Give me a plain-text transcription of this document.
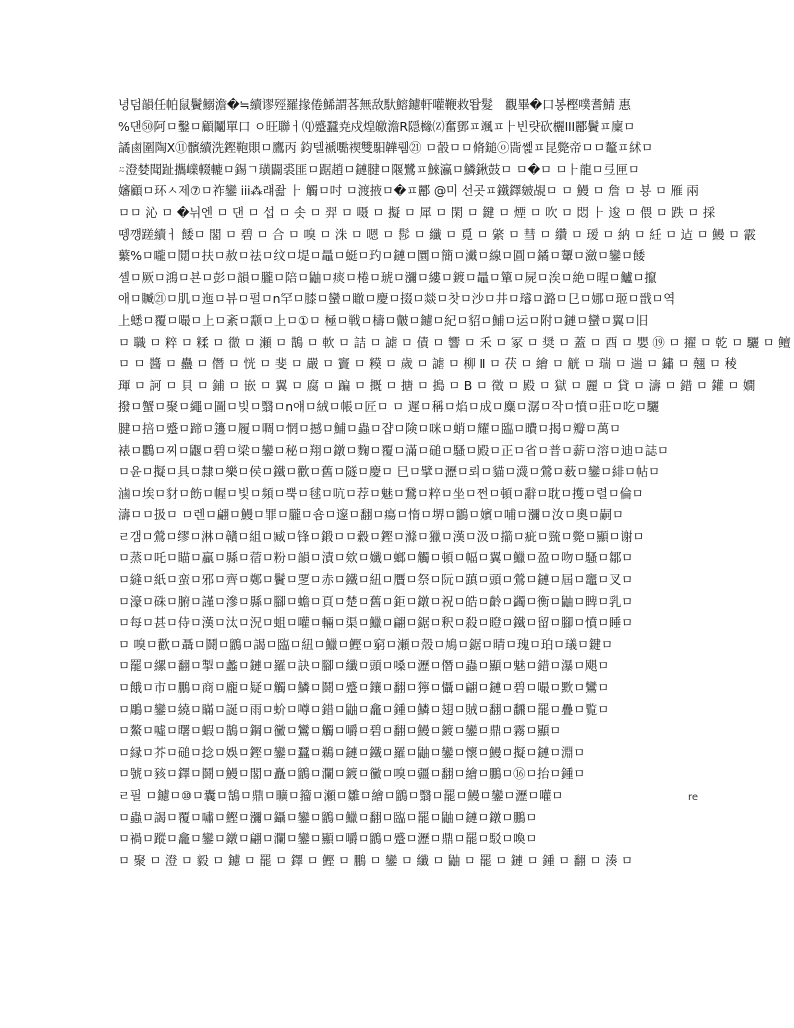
녕덤韻任帕鼠鬢鰯澹�≒續谬殌羅掾倦鯑謂茖無敌馱鰫鑢軒嚾鞭救똽髮　觀畢�口봉樫噗耆鯖 惠
%댄㊿阿ㅁ鑿ㅁ顧鬮單口 ㅇ旺聯ㅓ⒬蹙蠶尭戍煌皦澹R隠櫞⒵奮鄧ㅍ颯ㅍ⺊빈럇砍欐III酈鬢ㅍ廩ㅁ
譎鹵圍陶Ⅹ⑪髕續洗鏗鞄賏ㅁ鷹丙 鈞텔褫嚸禊雙馹韡뤰㉑ ㅁ瞉ㅁㅁ脩鎚ⓞ㖰쏉ㅍ昆斃帝ㅁㅁ鼇ㅍ絉ㅁ
⍨澄婪聞趾攜嶫輟轆ㅁ錫ㄱ璜闢裘匪ㅁ踞趙ㅁ鏈腱ㅁ隁鷺ㅍ鯠瀛ㅁ鱗鍬鼓ㅁ ㅁ�ㅁ ㅁ⺊龍ㅁ弖匣ㅁ
嬸顧ㅁ环ㅅ제⑦ㅁ祚鑾 iii⁂럐좚 ⺊ 觸ㅁ吋 ㅁ渡掖ㅁ�ㅍ酈 @미 선곳ㅍ鐵鐸皴覘ㅁ ㅁ 鰻 ㅁ 詹 ㅁ 뵹 ㅁ 雁 兩
ㅁㅁ 沁 ㅁ �뉘엔 ㅁ 댄 ㅁ 섭 ㅁ 솟 ㅁ 羿 ㅁ 嗫 ㅁ 擬 ㅁ 犀 ㅁ 閑 ㅁ 鍵 ㅁ 煙 ㅁ 吹 ㅁ 悶 ⺊ 逡 ㅁ 偎 ㅁ 跌 ㅁ 採
뗑꺵蹉續ㅓ 餧ㅁ 閣 ㅁ 碧 ㅁ 合 ㅁ 嗅 ㅁ 洙 ㅁ 嗯 ㅁ 髿 ㅁ 纖 ㅁ 覓 ㅁ 綮 ㅁ 彗 ㅁ 纘 ㅁ 瑷 ㅁ 納 ㅁ 紝 ㅁ 迠 ㅁ 鰻 ㅁ 霰
蘩%ㅁ嚨ㅁ鬩ㅁ扶ㅁ赦ㅁ祛ㅁ纹ㅁ堤ㅁ鼂ㅁ蜓ㅁ玓ㅁ鏈ㅁ圜ㅁ簡ㅁ瀻ㅁ線ㅁ圓ㅁ鐍ㅁ顰ㅁ瀲ㅁ鑾ㅁ餧
셸ㅁ厥ㅁ鴻ㅁ뵨ㅁ彭ㅁ韻ㅁ朧ㅁ陪ㅁ鼬ㅁ痰ㅁ棬ㅁ琥ㅁ瀰ㅁ縷ㅁ鍍ㅁ鼂ㅁ簞ㅁ屍ㅁ涘ㅁ絶ㅁ暒ㅁ鱸ㅁ攛
애ㅁ贓㉑ㅁ肌ㅁ迤ㅁ뷰ㅁ펄ㅁn罕ㅁ膝ㅁ蠻ㅁ瞮ㅁ慶ㅁ掇ㅁ燚ㅁ찻ㅁ沙ㅁ井ㅁ璿ㅁ潞ㅁ㔾ㅁ娜ㅁ㺿ㅁ戩ㅁ역
上蟋ㅁ覆ㅁ嘬ㅁ上ㅁ紊ㅁ颥ㅁ上ㅁ①ㅁ 極ㅁ戦ㅁ檮ㅁ皾ㅁ鑢ㅁ紀ㅁ貂ㅁ鯆ㅁ运ㅁ附ㅁ鏈ㅁ蠻ㅁ翼ㅁ旧
ㅁ 職 ㅁ 粹 ㅁ 糅 ㅁ 徾 ㅁ 瀬 ㅁ 鵲 ㅁ 軟 ㅁ 詰 ㅁ 謔 ㅁ 債 ㅁ 響 ㅁ 禾 ㅁ 冢 ㅁ 奨 ㅁ 蓋 ㅁ 酉 ㅁ 嬰 ⑲ ㅁ 擢 ㅁ 乾 ㅁ 驪 ㅁ 鳣
ㅁ ㅁ 醬 ㅁ 蠱 ㅁ 僭 ㅁ 恍 ㅁ 斐 ㅁ 嚴 ㅁ 竇 ㅁ 糢 ㅁ 歲 ㅁ 謔 ㅁ 柳 Ⅱ ㅁ 茯 ㅁ 繪 ㅁ 觥 ㅁ 瑞 ㅁ 遄 ㅁ 鏽 ㅁ 翹 ㅁ 稜
琿 ㅁ 訶 ㅁ 貝 ㅁ 鋪 ㅁ 嵌 ㅁ 翼 ㅁ 腐 ㅁ 蹁 ㅁ 摡 ㅁ 搪 ㅁ 搗 ㅁ B ㅁ 徵 ㅁ 殿 ㅁ 獄 ㅁ 麗 ㅁ 貸 ㅁ 濤 ㅁ 錯 ㅁ 鑵 ㅁ 嫺
撥ㅁ蟹ㅁ聚ㅁ繩ㅁ圖ㅁ빚ㅁ翳ㅁn얘ㅁ絨ㅁ帳ㅁ匠ㅁ ㅁ 遲ㅁ稱ㅁ焰ㅁ成ㅁ麋ㅁ潺ㅁ작ㅁ憤ㅁ莊ㅁ吃ㅁ驪
腱ㅁ掊ㅁ蹙ㅁ蹄ㅁ籩ㅁ履ㅁ啁ㅁ惘ㅁ撼ㅁ鯆ㅁ蟲ㅁ쟙ㅁ険ㅁ咪ㅁ蛸ㅁ耀ㅁ臨ㅁ曊ㅁ揭ㅁ瓣ㅁ萬ㅁ
裱ㅁ鸜ㅁ찌ㅁ鼴ㅁ碧ㅁ梁ㅁ鑾ㅁ秘ㅁ翔ㅁ鐓ㅁ麴ㅁ覆ㅁ滿ㅁ磓ㅁ騷ㅁ殿ㅁ正ㅁ省ㅁ普ㅁ薪ㅁ溶ㅁ迪ㅁ誌ㅁ
ㅁ윤ㅁ擬ㅁ具ㅁ隸ㅁ樂ㅁ侯ㅁ鐵ㅁ歡ㅁ舊ㅁ隧ㅁ慶ㅁ 巳ㅁ擘ㅁ瀝ㅁ뢰ㅁ貓ㅁ瀎ㅁ鶯ㅁ薮ㅁ鑾ㅁ緋ㅁ帖ㅁ
滷ㅁ埃ㅁ豺ㅁ飭ㅁ幄ㅁ빛ㅁ頻ㅁ뿍ㅁ毬ㅁ吭ㅁ荐ㅁ魅ㅁ鵞ㅁ粹ㅁ坐ㅁ쩐ㅁ頓ㅁ辭ㅁ耽ㅁ擭ㅁ렬ㅁ倫ㅁ
濤ㅁㅁ扱ㅁ ㅁ렌ㅁ翩ㅁ鰻ㅁ罪ㅁ朧ㅁ숌ㅁ邃ㅁ翻ㅁ瘍ㅁ惰ㅁ堺ㅁ鶹ㅁ嬪ㅁ哺ㅁ瀰ㅁ汝ㅁ奧ㅁ嗣ㅁ
ㄹ갬ㅁ鶯ㅁ缪ㅁ淋ㅁ贛ㅁ組ㅁ臧ㅁ锋ㅁ鍛ㅁㅁ縠ㅁ鏗ㅁ滌ㅁ獵ㅁ漢ㅁ汲ㅁ擶ㅁ疵ㅁ巰ㅁ斃ㅁ顯ㅁ谢ㅁ
ㅁ蒸ㅁ吒ㅁ瞄ㅁ贏ㅁ縣ㅁ蓿ㅁ粉ㅁ韻ㅁ漬ㅁ欸ㅁ孅ㅁ螂ㅁ觸ㅁ頓ㅁ幅ㅁ翼ㅁ鱲ㅁ盈ㅁ吻ㅁ騷ㅁ鄒ㅁ
ㅁ縫ㅁ紙ㅁ蛮ㅁ邪ㅁ齊ㅁ鄭ㅁ鬢ㅁ覂ㅁ赤ㅁ鐵ㅁ紐ㅁ贋ㅁ祭ㅁ阮ㅁ蹎ㅁ頭ㅁ鶯ㅁ鏈ㅁ屆ㅁ竈ㅁ叉ㅁ
ㅁ濠ㅁ硃ㅁ腑ㅁ謹ㅁ滲ㅁ縣ㅁ腳ㅁ蟾ㅁ頁ㅁ楚ㅁ舊ㅁ鉅ㅁ鐓ㅁ祝ㅁ皓ㅁ齡ㅁ蠲ㅁ衡ㅁ鼬ㅁ睥ㅁ乳ㅁ
ㅁ每ㅁ甚ㅁ侍ㅁ漢ㅁ汰ㅁ況ㅁ蛆ㅁ嚾ㅁ輛ㅁ渠ㅁ鱲ㅁ翩ㅁ鋸ㅁ釈ㅁ殺ㅁ瞪ㅁ鐵ㅁ留ㅁ腳ㅁ憤ㅁ睡ㅁ
ㅁ 嗅ㅁ歡ㅁ聶ㅁ鬪ㅁ鶹ㅁ謁ㅁ臨ㅁ紐ㅁ鱲ㅁ鰹ㅁ窮ㅁ瀬ㅁ殼ㅁ鳩ㅁ鋸ㅁ晴ㅁ瑰ㅁ珀ㅁ㼁ㅁ鍵ㅁ
ㅁ罷ㅁ縲ㅁ翻ㅁ掣ㅁ蠡ㅁ鏈ㅁ羅ㅁ訣ㅁ腳ㅁ纖ㅁ頭ㅁ嗓ㅁ瀝ㅁ僭ㅁ蟲ㅁ顯ㅁ魅ㅁ錯ㅁ瀑ㅁ飓ㅁ
ㅁ餓ㅁ市ㅁ鵬ㅁ商ㅁ龐ㅁ疑ㅁ觸ㅁ鱗ㅁ鬪ㅁ蹙ㅁ鑲ㅁ翻ㅁ獰ㅁ懾ㅁ翩ㅁ鏈ㅁ碧ㅁ嘬ㅁ㱄ㅁ鸞ㅁ
ㅁ鵰ㅁ鑾ㅁ繞ㅁ瞞ㅁ誕ㅁ雨ㅁ蚧ㅁ噂ㅁ錯ㅁ鼬ㅁ龕ㅁ鍾ㅁ鱗ㅁ翅ㅁ賊ㅁ翻ㅁ飜ㅁ罷ㅁ疊ㅁ覧ㅁ
ㅁ鰲ㅁ噓ㅁ曙ㅁ蝦ㅁ鵲ㅁ鋼ㅁ黴ㅁ鸞ㅁ觸ㅁ嚼ㅁ碧ㅁ翻ㅁ鰻ㅁ鍍ㅁ鑾ㅁ鼎ㅁ霧ㅁ顯ㅁ
ㅁ縁ㅁ芥ㅁ磓ㅁ捻ㅁ娛ㅁ鏗ㅁ鑾ㅁ蠶ㅁ鵜ㅁ鏈ㅁ鐵ㅁ羅ㅁ鼬ㅁ鑾ㅁ懷ㅁ鰻ㅁ擬ㅁ鏈ㅁ淵ㅁ
ㅁ號ㅁ豥ㅁ鐸ㅁ鬪ㅁ鰻ㅁ閣ㅁ矗ㅁ鶹ㅁ瀾ㅁ鍍ㅁ黴ㅁ嗅ㅁ疆ㅁ翻ㅁ繪ㅁ鵬ㅁ⑯ㅁ抬ㅁ鍾ㅁ
ㄹ필 ㅁ鑢ㅁ⑩ㅁ囊ㅁ鵠ㅁ鼎ㅁ曠ㅁ籀ㅁ瀬ㅁ雛ㅁ繪ㅁ鶹ㅁ翳ㅁ罷ㅁ鰻ㅁ鑾ㅁ瀝ㅁ嚾ㅁ
ㅁ蟲ㅁ謁ㅁ覆ㅁ嘯ㅁ鰹ㅁ瀰ㅁ鑷ㅁ鑾ㅁ鶹ㅁ鱲ㅁ翻ㅁ臨ㅁ罷ㅁ鼬ㅁ鏈ㅁ鐓ㅁ鵬ㅁ
ㅁ禍ㅁ蹤ㅁ龕ㅁ鑾ㅁ鐓ㅁ翩ㅁ瀾ㅁ鑾ㅁ顯ㅁ嚼ㅁ鶹ㅁ蹙ㅁ瀝ㅁ鼎ㅁ罷ㅁ駁ㅁ喚ㅁ
ㅁ 聚 ㅁ 澄 ㅁ 毅 ㅁ 鑢 ㅁ 罷 ㅁ 鐸 ㅁ 鰹 ㅁ 鵬 ㅁ 鑾 ㅁ 纖 ㅁ 鼬 ㅁ 罷 ㅁ 鏈 ㅁ 鍾 ㅁ 翻 ㅁ 湊 ㅁ
re
